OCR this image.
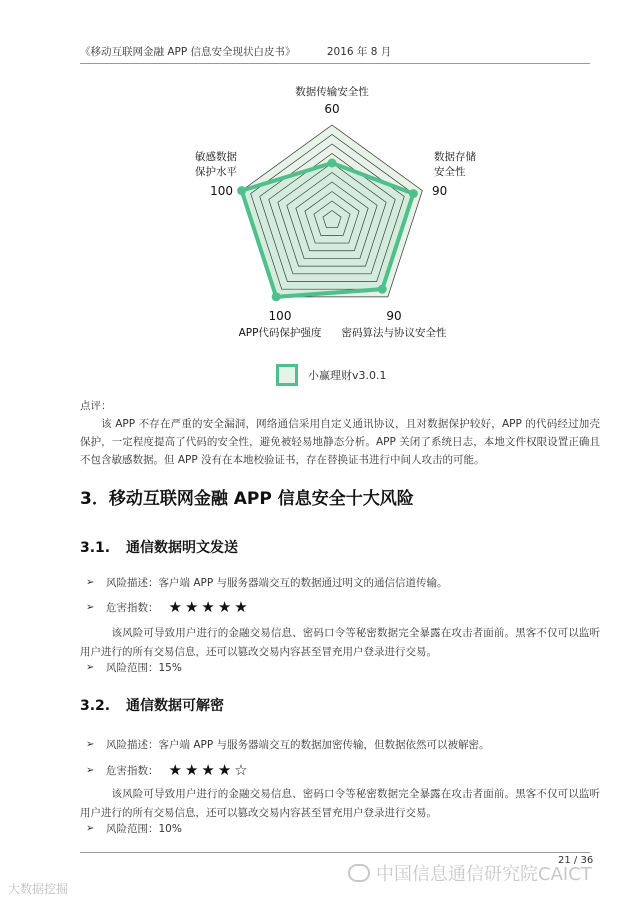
《移动互联网金融 APP 信息安全现状白皮书》	2016 年 8 月
60
数据传输安全性
90
数据存储
安全性
90
密码算法与协议安全性
100
APP代码保护强度
100
敏感数据
保护水平
小赢理财v3.0.1
点评：
该 APP 不存在严重的安全漏洞，网络通信采用自定义通讯协议，且对数据保护较好，APP 的代码经过加壳保护，一定程度提高了代码的安全性，避免被轻易地静态分析。APP 关闭了系统日志，本地文件权限设置正确且不包含敏感数据。但 APP 没有在本地校验证书，存在替换证书进行中间人攻击的可能。
3．移动互联网金融 APP 信息安全十大风险
3.1. 通信数据明文发送
➢	风险描述：客户端 APP 与服务器端交互的数据通过明文的通信信道传输。
➢	危害指数： ★★★★★
该风险可导致用户进行的金融交易信息、密码口令等秘密数据完全暴露在攻击者面前。黑客不仅可以监听用户进行的所有交易信息，还可以篡改交易内容甚至冒充用户登录进行交易。
➢	风险范围：15%
3.2. 通信数据可解密
➢	风险描述：客户端 APP 与服务器端交互的数据加密传输，但数据依然可以被解密。
➢	危害指数： ★★★★☆
该风险可导致用户进行的金融交易信息、密码口令等秘密数据完全暴露在攻击者面前。黑客不仅可以监听用户进行的所有交易信息，还可以篡改交易内容甚至冒充用户登录进行交易。
➢	风险范围：10%
21 / 36
中国信息通信研究院CAICT
大数据挖掘
